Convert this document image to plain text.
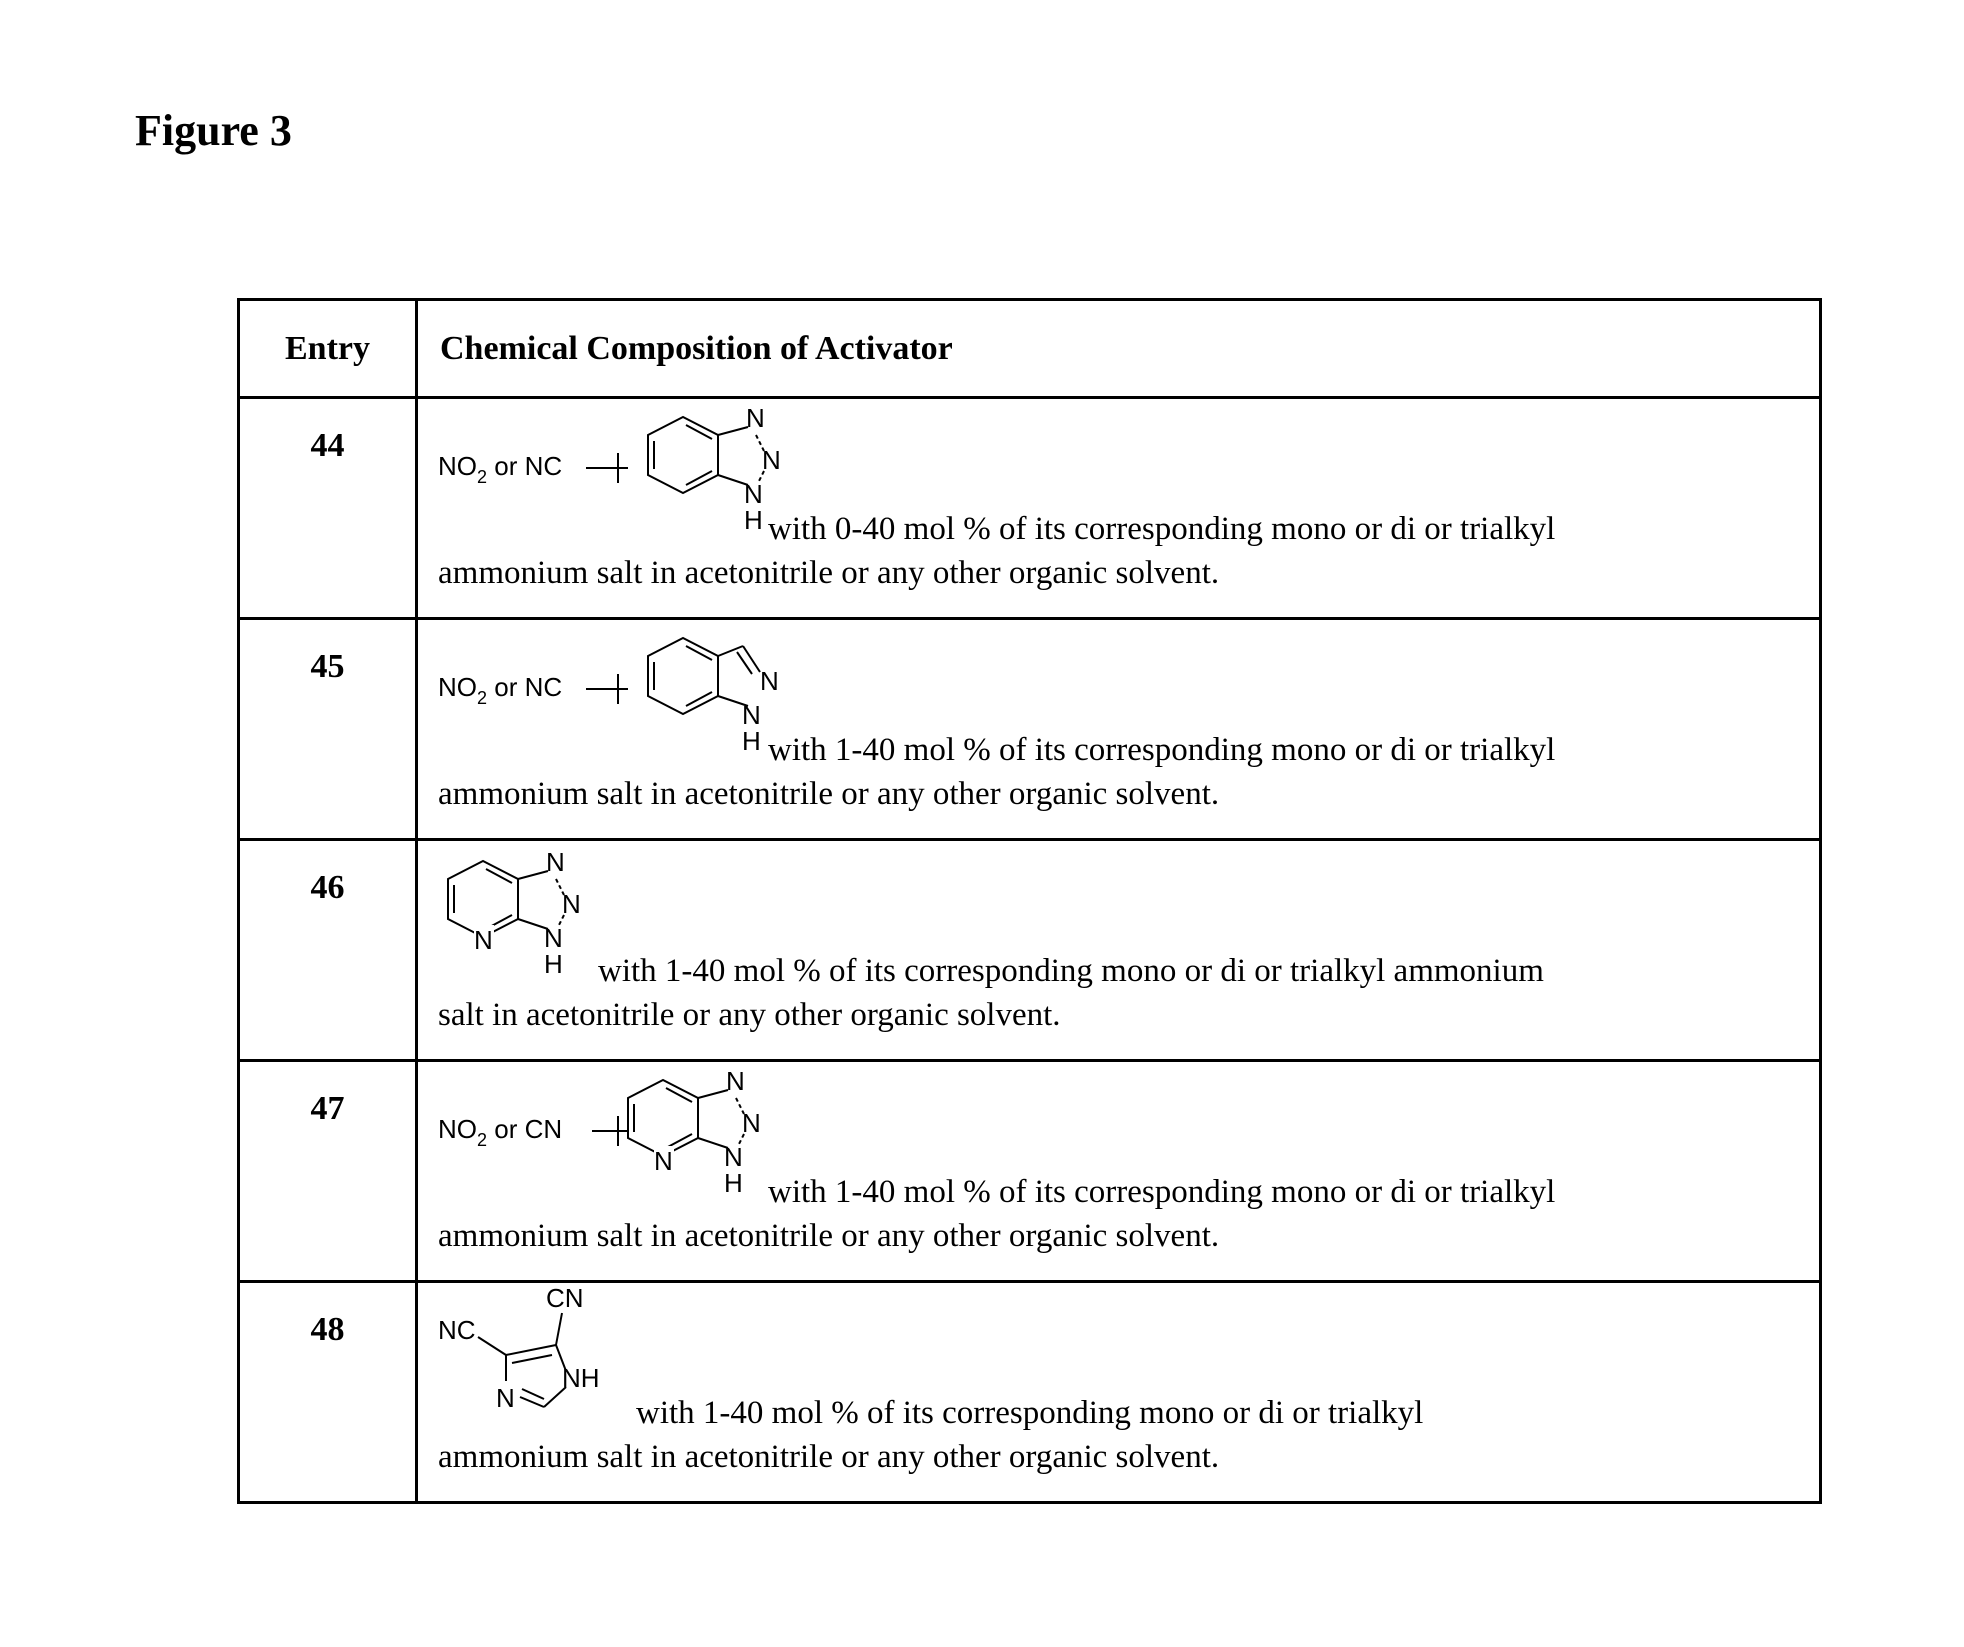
Figure 3
Entry	Chemical Composition of Activator
44	
NO2 or NC
N
N
N
H with 0-40 mol % of its corresponding mono or di or trialkyl
ammonium salt in acetonitrile or any other organic solvent.

45	
NO2 or NC	N
N
H with 1-40 mol % of its corresponding mono or di or trialkyl
ammonium salt in acetonitrile or any other organic solvent.

46	
N
N
N
N
H with 1-40 mol % of its corresponding mono or di or trialkyl ammonium
salt in acetonitrile or any other organic solvent.

47	
NO2 or CN
N
N
N
N
H with 1-40 mol % of its corresponding mono or di or trialkyl
ammonium salt in acetonitrile or any other organic solvent.

48	
CN
NC
NH
N	with 1-40 mol % of its corresponding mono or di or trialkyl
ammonium salt in acetonitrile or any other organic solvent.
